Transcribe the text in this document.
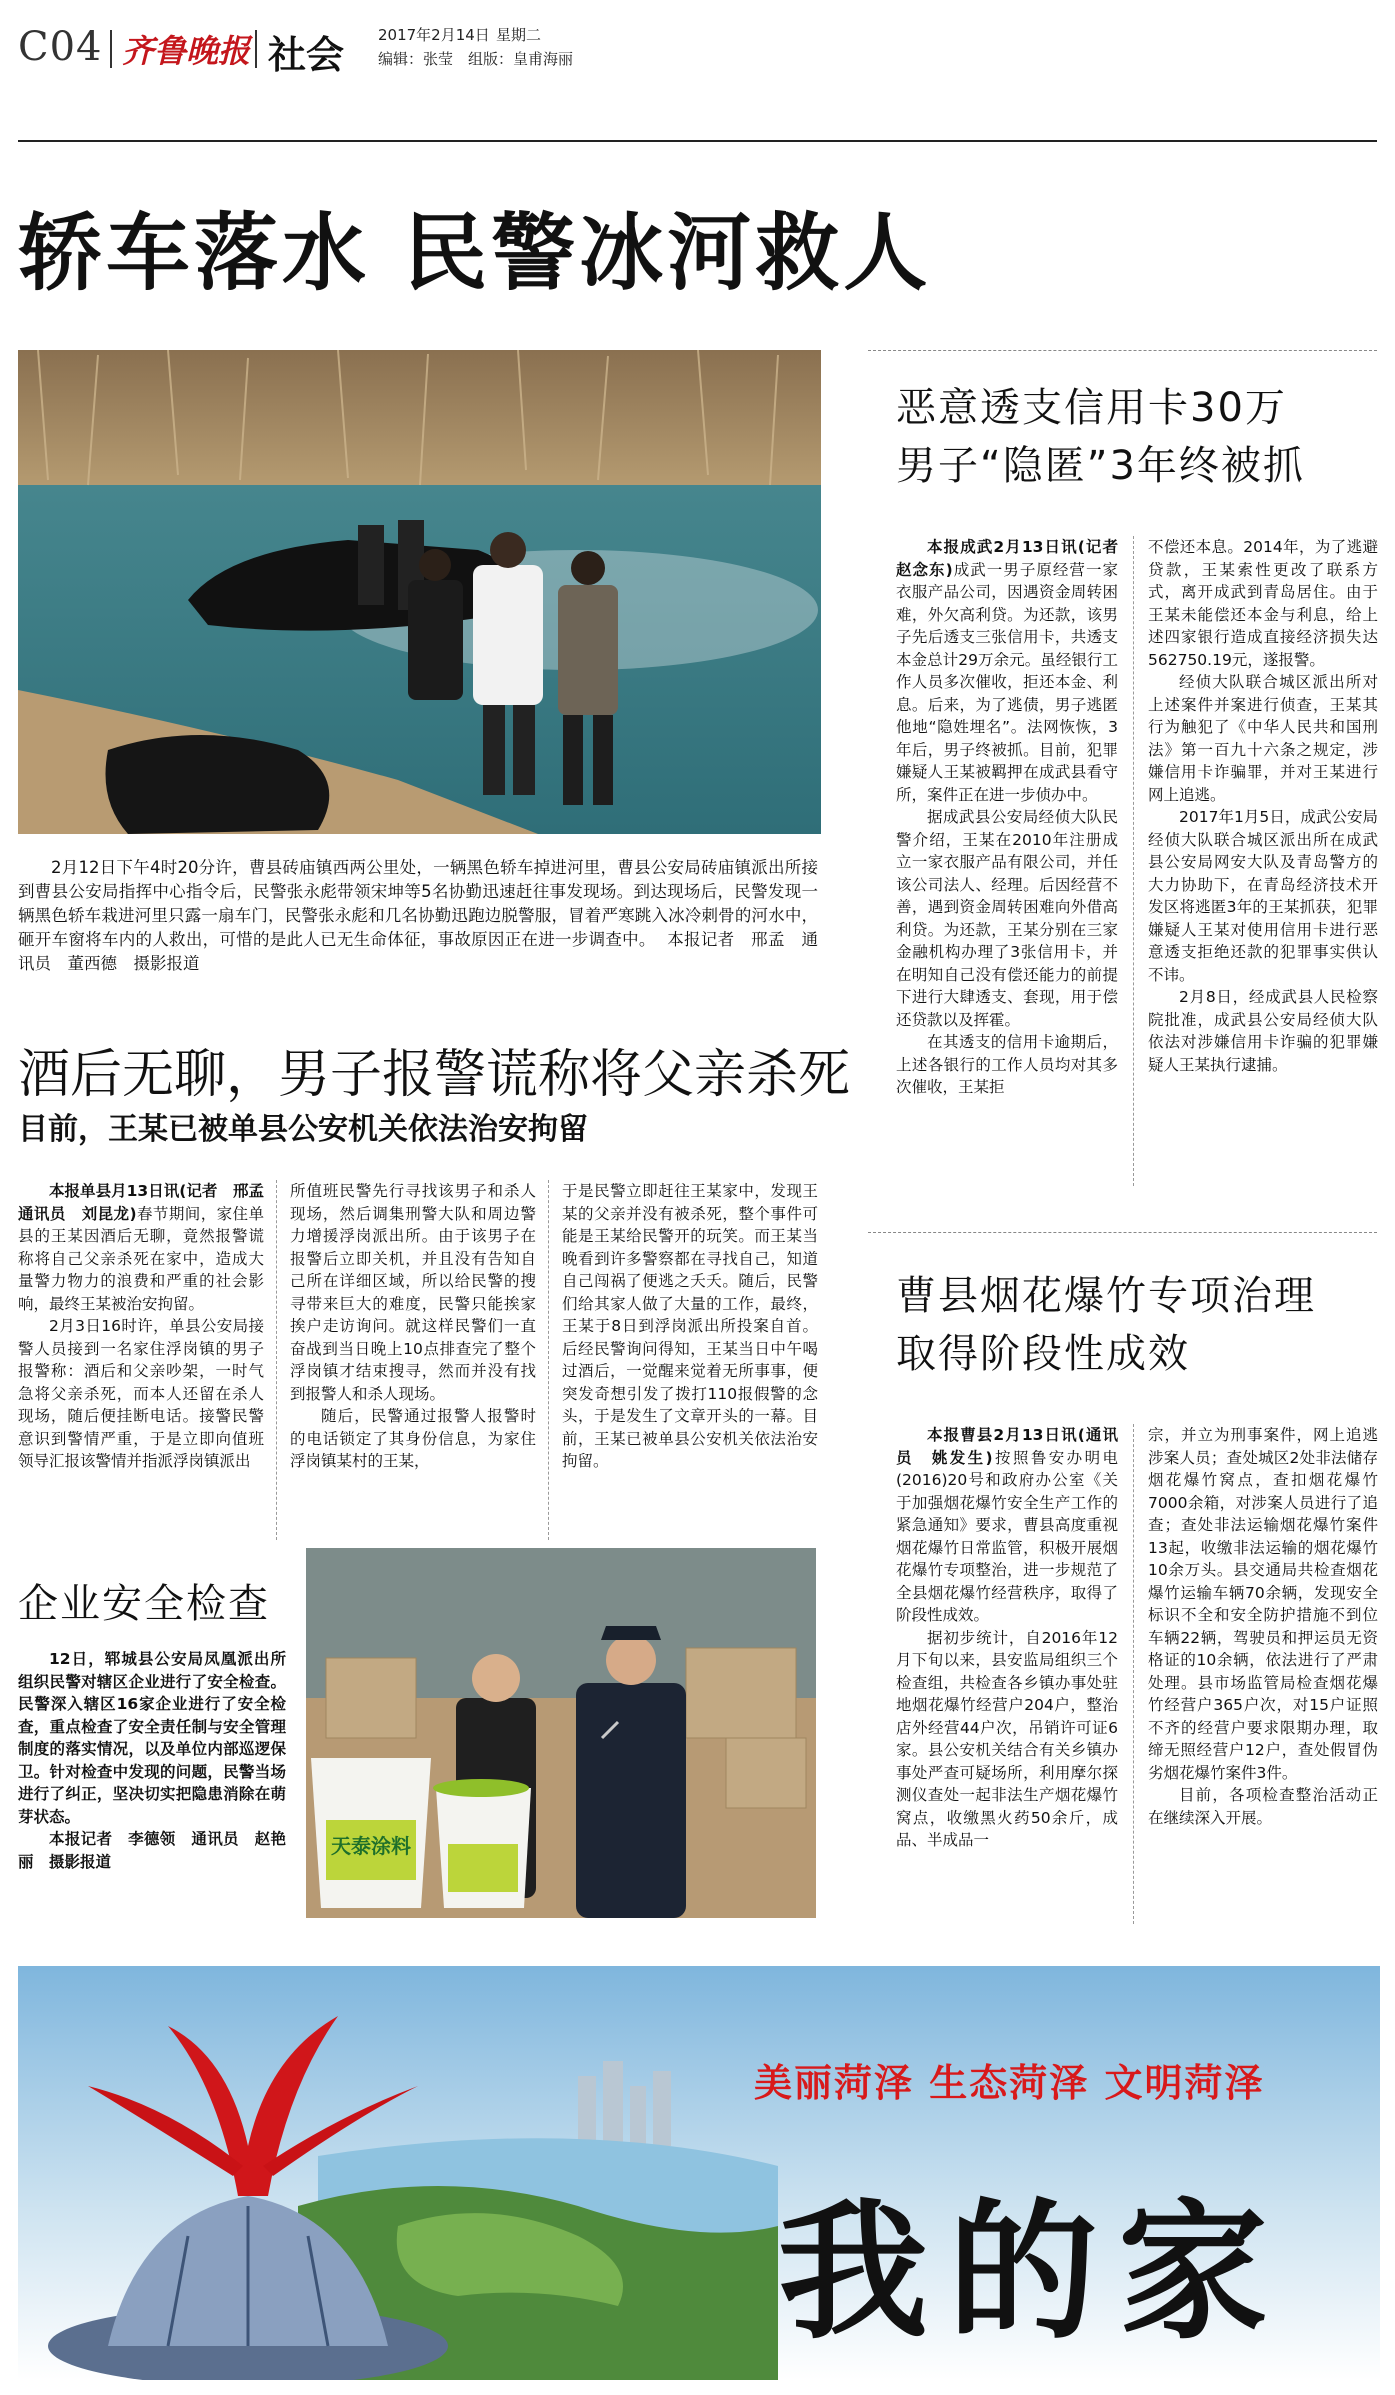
C04 齐鲁晚报 社会 2017年2月14日 星期二
编辑：张莹 组版：皇甫海丽
轿车落水 民警冰河救人
2月12日下午4时20分许，曹县砖庙镇西两公里处，一辆黑色轿车掉进河里，曹县公安局砖庙镇派出所接到曹县公安局指挥中心指令后，民警张永彪带领宋坤等5名协勤迅速赶往事发现场。到达现场后，民警发现一辆黑色轿车栽进河里只露一扇车门，民警张永彪和几名协勤迅跑边脱警服，冒着严寒跳入冰冷刺骨的河水中，砸开车窗将车内的人救出，可惜的是此人已无生命体征，事故原因正在进一步调查中。 本报记者　邢孟　通讯员　董西德　摄影报道
恶意透支信用卡30万
男子“隐匿”3年终被抓

本报成武2月13日讯(记者　赵念东)成武一男子原经营一家衣服产品公司，因遇资金周转困难，外欠高利贷。为还款，该男子先后透支三张信用卡，共透支本金总计29万余元。虽经银行工作人员多次催收，拒还本金、利息。后来，为了逃债，男子逃匿他地“隐姓埋名”。法网恢恢，3年后，男子终被抓。目前，犯罪嫌疑人王某被羁押在成武县看守所，案件正在进一步侦办中。

据成武县公安局经侦大队民警介绍，王某在2010年注册成立一家衣服产品有限公司，并任该公司法人、经理。后因经营不善，遇到资金周转困难向外借高利贷。为还款，王某分别在三家金融机构办理了3张信用卡，并在明知自己没有偿还能力的前提下进行大肆透支、套现，用于偿还贷款以及挥霍。

在其透支的信用卡逾期后，上述各银行的工作人员均对其多次催收，王某拒

不偿还本息。2014年，为了逃避贷款，王某索性更改了联系方式，离开成武到青岛居住。由于王某未能偿还本金与利息，给上述四家银行造成直接经济损失达562750.19元，遂报警。

经侦大队联合城区派出所对上述案件并案进行侦查，王某其行为触犯了《中华人民共和国刑法》第一百九十六条之规定，涉嫌信用卡诈骗罪，并对王某进行网上追逃。

2017年1月5日，成武公安局经侦大队联合城区派出所在成武县公安局网安大队及青岛警方的大力协助下，在青岛经济技术开发区将逃匿3年的王某抓获，犯罪嫌疑人王某对使用信用卡进行恶意透支拒绝还款的犯罪事实供认不讳。

2月8日，经成武县人民检察院批准，成武县公安局经侦大队依法对涉嫌信用卡诈骗的犯罪嫌疑人王某执行逮捕。

酒后无聊，男子报警谎称将父亲杀死
目前，王某已被单县公安机关依法治安拘留

本报单县月13日讯(记者　邢孟　通讯员　刘昆龙)春节期间，家住单县的王某因酒后无聊，竟然报警谎称将自己父亲杀死在家中，造成大量警力物力的浪费和严重的社会影响，最终王某被治安拘留。

2月3日16时许，单县公安局接警人员接到一名家住浮岗镇的男子报警称：酒后和父亲吵架，一时气急将父亲杀死，而本人还留在杀人现场，随后便挂断电话。接警民警意识到警情严重，于是立即向值班领导汇报该警情并指派浮岗镇派出

所值班民警先行寻找该男子和杀人现场，然后调集刑警大队和周边警力增援浮岗派出所。由于该男子在报警后立即关机，并且没有告知自己所在详细区域，所以给民警的搜寻带来巨大的难度，民警只能挨家挨户走访询问。就这样民警们一直奋战到当日晚上10点排查完了整个浮岗镇才结束搜寻，然而并没有找到报警人和杀人现场。

随后，民警通过报警人报警时的电话锁定了其身份信息，为家住浮岗镇某村的王某，

于是民警立即赶往王某家中，发现王某的父亲并没有被杀死，整个事件可能是王某给民警开的玩笑。而王某当晚看到许多警察都在寻找自己，知道自己闯祸了便逃之夭夭。随后，民警们给其家人做了大量的工作，最终，王某于8日到浮岗派出所投案自首。后经民警询问得知，王某当日中午喝过酒后，一觉醒来觉着无所事事，便突发奇想引发了拨打110报假警的念头，于是发生了文章开头的一幕。目前，王某已被单县公安机关依法治安拘留。

企业安全检查

12日，郓城县公安局凤凰派出所组织民警对辖区企业进行了安全检查。民警深入辖区16家企业进行了安全检查，重点检查了安全责任制与安全管理制度的落实情况，以及单位内部巡逻保卫。针对检查中发现的问题，民警当场进行了纠正，坚决切实把隐患消除在萌芽状态。

本报记者　李德领　通讯员　赵艳丽　摄影报道

天泰涂料
曹县烟花爆竹专项治理
取得阶段性成效

本报曹县2月13日讯(通讯员　姚发生)按照鲁安办明电(2016)20号和政府办公室《关于加强烟花爆竹安全生产工作的紧急通知》要求，曹县高度重视烟花爆竹日常监管，积极开展烟花爆竹专项整治，进一步规范了全县烟花爆竹经营秩序，取得了阶段性成效。

据初步统计，自2016年12月下旬以来，县安监局组织三个检查组，共检查各乡镇办事处驻地烟花爆竹经营户204户，整治店外经营44户次，吊销许可证6家。县公安机关结合有关乡镇办事处严查可疑场所，利用摩尔探测仪查处一起非法生产烟花爆竹窝点，收缴黑火药50余斤，成品、半成品一

宗，并立为刑事案件，网上追逃涉案人员；查处城区2处非法储存烟花爆竹窝点，查扣烟花爆竹7000余箱，对涉案人员进行了追查；查处非法运输烟花爆竹案件13起，收缴非法运输的烟花爆竹10余万头。县交通局共检查烟花爆竹运输车辆70余辆，发现安全标识不全和安全防护措施不到位车辆22辆，驾驶员和押运员无资格证的10余辆，依法进行了严肃处理。县市场监管局检查烟花爆竹经营户365户次，对15户证照不齐的经营户要求限期办理，取缔无照经营户12户，查处假冒伪劣烟花爆竹案件3件。

目前，各项检查整治活动正在继续深入开展。

美丽菏泽 生态菏泽 文明菏泽
我的家
